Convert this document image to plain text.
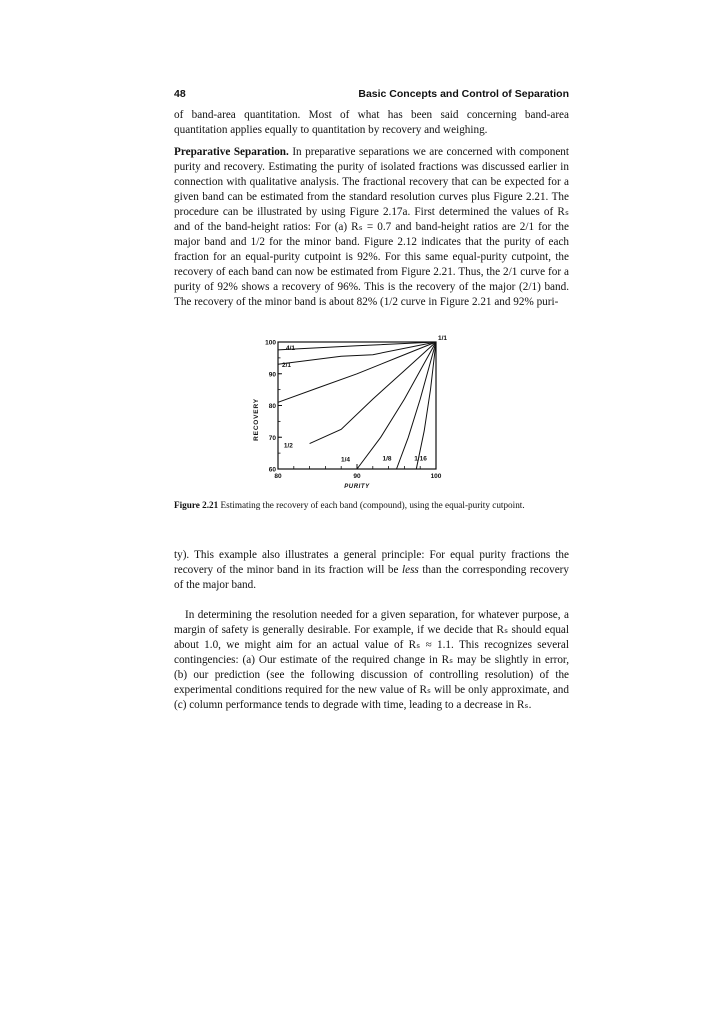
48	Basic Concepts and Control of Separation

of band-area quantitation. Most of what has been said concerning band-area quantitation applies equally to quantitation by recovery and weighing.

Preparative Separation. In preparative separations we are concerned with component purity and recovery. Estimating the purity of isolated fractions was discussed earlier in connection with qualitative analysis. The fractional recovery that can be expected for a given band can be estimated from the standard resolution curves plus Figure 2.21. The procedure can be illustrated by using Figure 2.17a. First determined the values of Rₛ and of the band-height ratios: For (a) Rₛ = 0.7 and band-height ratios are 2/1 for the major band and 1/2 for the minor band. Figure 2.12 indicates that the purity of each fraction for an equal-purity cutpoint is 92%. For this same equal-purity cutpoint, the recovery of each band can now be estimated from Figure 2.21. Thus, the 2/1 curve for a purity of 92% shows a recovery of 96%. This is the recovery of the major (2/1) band. The recovery of the minor band is about 82% (1/2 curve in Figure 2.21 and 92% puri-

80	90	100
60
70
80
90
100
PURITY
RECOVERY
4/1
2/1
1/1
1/2
1/4	1/8	1/16
Figure 2.21 Estimating the recovery of each band (compound), using the equal-purity cutpoint.

ty). This example also illustrates a general principle: For equal purity fractions the recovery of the minor band in its fraction will be less than the corresponding recovery of the major band.

In determining the resolution needed for a given separation, for whatever purpose, a margin of safety is generally desirable. For example, if we decide that Rₛ should equal about 1.0, we might aim for an actual value of Rₛ ≈ 1.1. This recognizes several contingencies: (a) Our estimate of the required change in Rₛ may be slightly in error, (b) our prediction (see the following discussion of controlling resolution) of the experimental conditions required for the new value of Rₛ will be only approximate, and (c) column performance tends to degrade with time, leading to a decrease in Rₛ.
